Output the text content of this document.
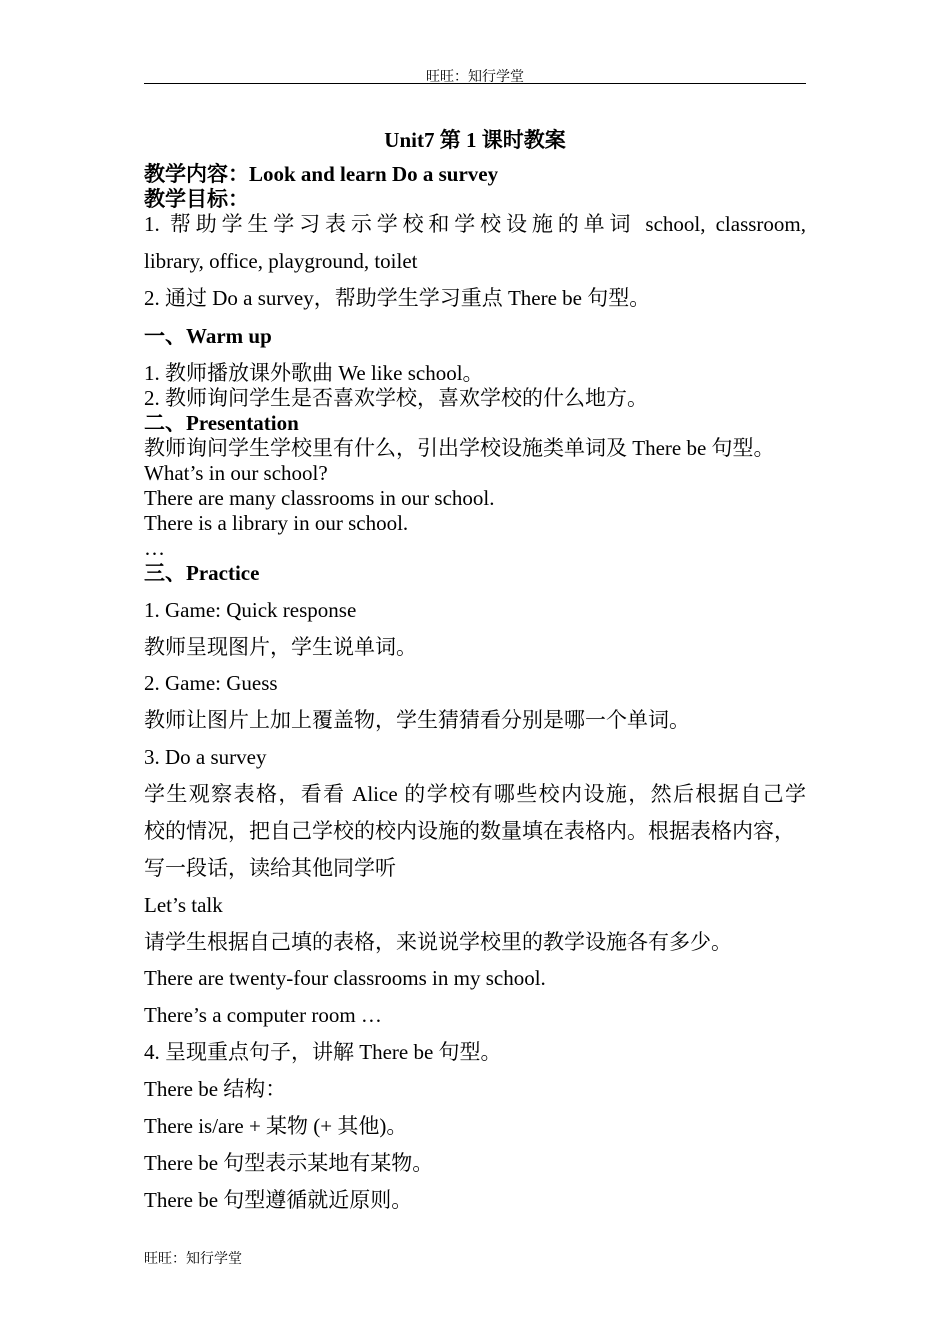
旺旺：知行学堂
Unit7 第 1 课时教案
教学内容：Look and learn Do a survey
教学目标：
1. 帮助学生学习表示学校和学校设施的单词 school, classroom,
library, office, playground, toilet
2. 通过 Do a survey，帮助学生学习重点 There be 句型。
一、Warm up
1. 教师播放课外歌曲 We like school。
2. 教师询问学生是否喜欢学校，喜欢学校的什么地方。
二、Presentation
教师询问学生学校里有什么，引出学校设施类单词及 There be 句型。
What’s in our school?
There are many classrooms in our school.
There is a library in our school.
…
三、Practice
1. Game: Quick response
教师呈现图片，学生说单词。
2. Game: Guess
教师让图片上加上覆盖物，学生猜猜看分别是哪一个单词。
3. Do a survey
学生观察表格，看看 Alice 的学校有哪些校内设施，然后根据自己学
校的情况，把自己学校的校内设施的数量填在表格内。根据表格内容，
写一段话，读给其他同学听
Let’s talk
请学生根据自己填的表格，来说说学校里的教学设施各有多少。
There are twenty-four classrooms in my school.
There’s a computer room …
4. 呈现重点句子，讲解 There be 句型。
There be 结构：
There is/are + 某物 (+ 其他)。
There be 句型表示某地有某物。
There be 句型遵循就近原则。
旺旺：知行学堂
